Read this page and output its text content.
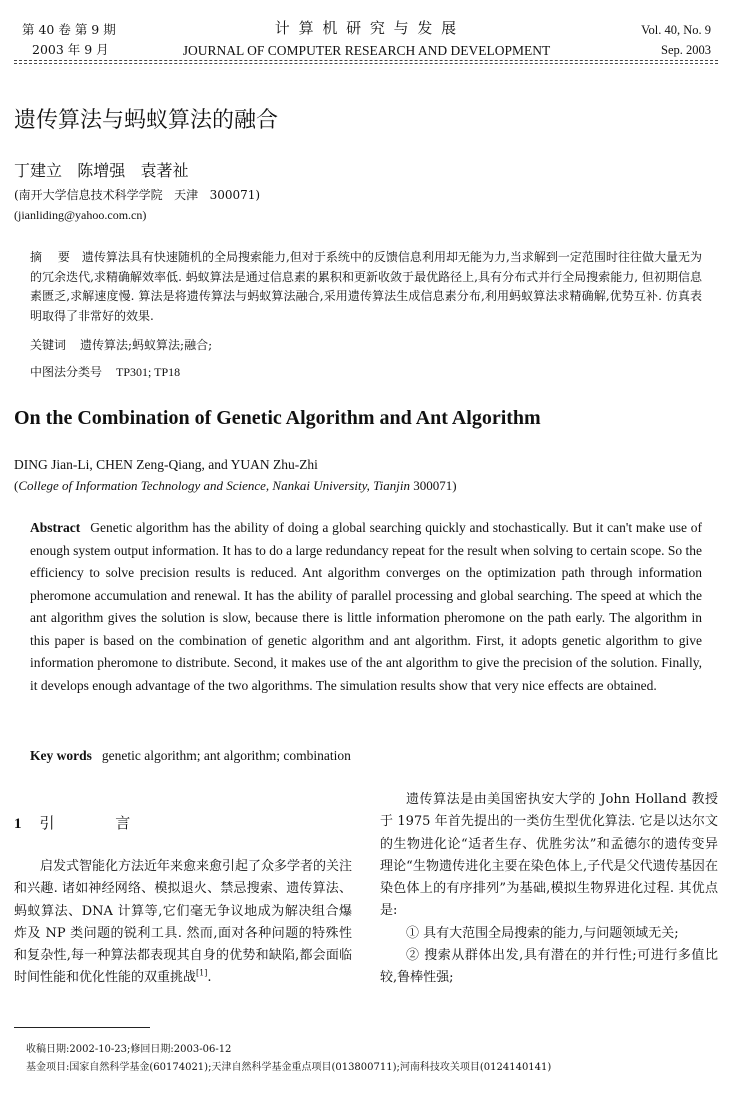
第 40 卷 第 9 期
2003 年 9 月
计 算 机 研 究 与 发 展
JOURNAL OF COMPUTER RESEARCH AND DEVELOPMENT
Vol. 40, No. 9
Sep. 2003
遗传算法与蚂蚁算法的融合
丁建立   陈增强   袁著祉
(南开大学信息技术科学学院   天津   300071)
(jianliding@yahoo.com.cn)
摘 要 遗传算法具有快速随机的全局搜索能力,但对于系统中的反馈信息利用却无能为力,当求解到一定范围时往往做大量无为的冗余迭代,求精确解效率低. 蚂蚁算法是通过信息素的累积和更新收敛于最优路径上,具有分布式并行全局搜索能力, 但初期信息素匮乏,求解速度慢. 算法是将遗传算法与蚂蚁算法融合,采用遗传算法生成信息素分布,利用蚂蚁算法求精确解,优势互补. 仿真表明取得了非常好的效果.
关键词 遗传算法;蚂蚁算法;融合;
中图法分类号 TP301; TP18
On the Combination of Genetic Algorithm and Ant Algorithm
DING Jian-Li, CHEN Zeng-Qiang, and YUAN Zhu-Zhi
(College of Information Technology and Science, Nankai University, Tianjin 300071)
Abstract Genetic algorithm has the ability of doing a global searching quickly and stochastically. But it can't make use of enough system output information. It has to do a large redundancy repeat for the result when solving to certain scope. So the efficiency to solve precision results is reduced. Ant algorithm converges on the optimization path through information pheromone accumulation and renewal. It has the ability of parallel processing and global searching. The speed at which the ant algorithm gives the solution is slow, because there is little information pheromone on the path early. The algorithm in this paper is based on the combination of genetic algorithm and ant algorithm. First, it adopts genetic algorithm to give information pheromone to distribute. Second, it makes use of the ant algorithm to give the precision of the solution. Finally, it develops enough advantage of the two algorithms. The simulation results show that very nice effects are obtained.
Key words genetic algorithm; ant algorithm; combination
1 引 言

启发式智能化方法近年来愈来愈引起了众多学者的关注和兴趣. 诸如神经网络、模拟退火、禁忌搜索、遗传算法、蚂蚁算法、DNA 计算等,它们毫无争议地成为解决组合爆炸及 NP 类问题的锐利工具. 然而,面对各种问题的特殊性和复杂性,每一种算法都表现其自身的优势和缺陷,都会面临时间性能和优化性能的双重挑战[1].

遗传算法是由美国密执安大学的 John Holland 教授于 1975 年首先提出的一类仿生型优化算法. 它是以达尔文的生物进化论“适者生存、优胜劣汰”和孟德尔的遗传变异理论“生物遗传进化主要在染色体上,子代是父代遗传基因在染色体上的有序排列”为基础,模拟生物界进化过程. 其优点是:

① 具有大范围全局搜索的能力,与问题领域无关;

② 搜索从群体出发,具有潜在的并行性;可进行多值比较,鲁棒性强;

收稿日期:2002-10-23;修回日期:2003-06-12
基金项目:国家自然科学基金(60174021);天津自然科学基金重点项目(013800711);河南科技攻关项目(0124140141)
